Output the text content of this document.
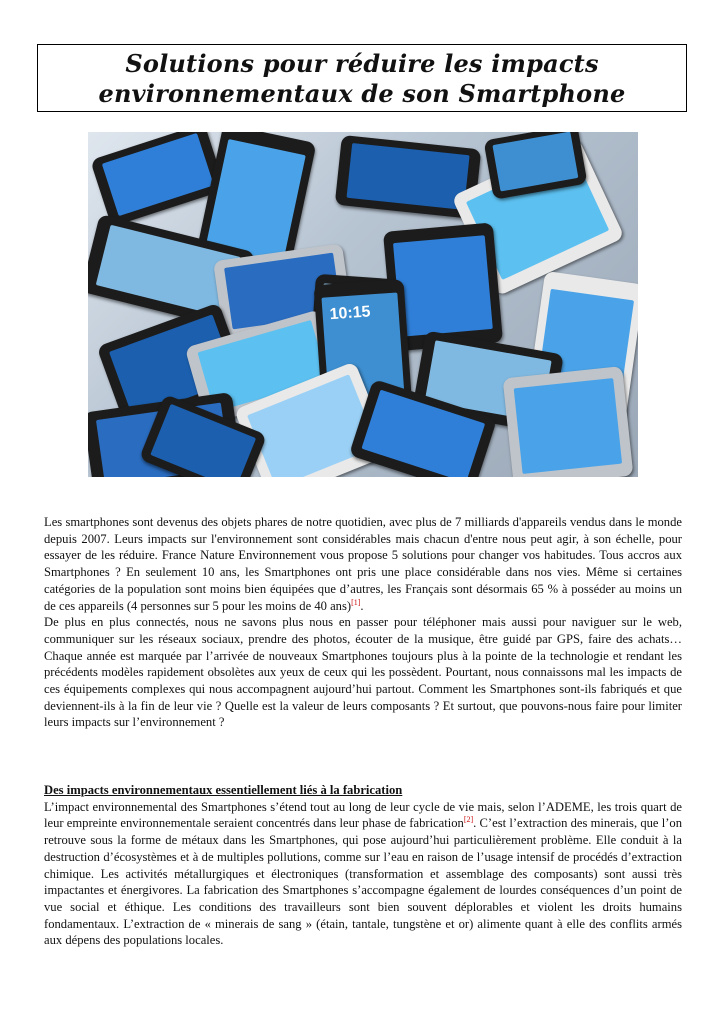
Solutions pour réduire les impacts
environnementaux de son Smartphone
10:15

Les smartphones sont devenus des objets phares de notre quotidien, avec plus de 7 milliards d'appareils vendus dans le monde depuis 2007. Leurs impacts sur l'environnement sont considérables mais chacun d'entre nous peut agir, à son échelle, pour essayer de les réduire. France Nature Environnement vous propose 5 solutions pour changer vos habitudes. Tous accros aux Smartphones ? En seulement 10 ans, les Smartphones ont pris une place considérable dans nos vies. Même si certaines catégories de la population sont moins bien équipées que d’autres, les Français sont désormais 65 % à posséder au moins un de ces appareils (4 personnes sur 5 pour les moins de 40 ans)[1].

De plus en plus connectés, nous ne savons plus nous en passer pour téléphoner mais aussi pour naviguer sur le web, communiquer sur les réseaux sociaux, prendre des photos, écouter de la musique, être guidé par GPS, faire des achats…Chaque année est marquée par l’arrivée de nouveaux Smartphones toujours plus à la pointe de la technologie et rendant les précédents modèles rapidement obsolètes aux yeux de ceux qui les possèdent. Pourtant, nous connaissons mal les impacts de ces équipements complexes qui nous accompagnent aujourd’hui partout. Comment les Smartphones sont-ils fabriqués et que deviennent-ils à la fin de leur vie ? Quelle est la valeur de leurs composants ? Et surtout, que pouvons-nous faire pour limiter leurs impacts sur l’environnement ?

Des impacts environnementaux essentiellement liés à la fabrication

L’impact environnemental des Smartphones s’étend tout au long de leur cycle de vie mais, selon l’ADEME, les trois quart de leur empreinte environnementale seraient concentrés dans leur phase de fabrication[2]. C’est l’extraction des minerais, que l’on retrouve sous la forme de métaux dans les Smartphones, qui pose aujourd’hui particulièrement problème. Elle conduit à la destruction d’écosystèmes et à de multiples pollutions, comme sur l’eau en raison de l’usage intensif de procédés d’extraction chimique. Les activités métallurgiques et électroniques (transformation et assemblage des composants) sont aussi très impactantes et énergivores. La fabrication des Smartphones s’accompagne également de lourdes conséquences d’un point de vue social et éthique. Les conditions des travailleurs sont bien souvent déplorables et violent les droits humains fondamentaux. L’extraction de « minerais de sang » (étain, tantale, tungstène et or) alimente quant à elle des conflits armés aux dépens des populations locales.
